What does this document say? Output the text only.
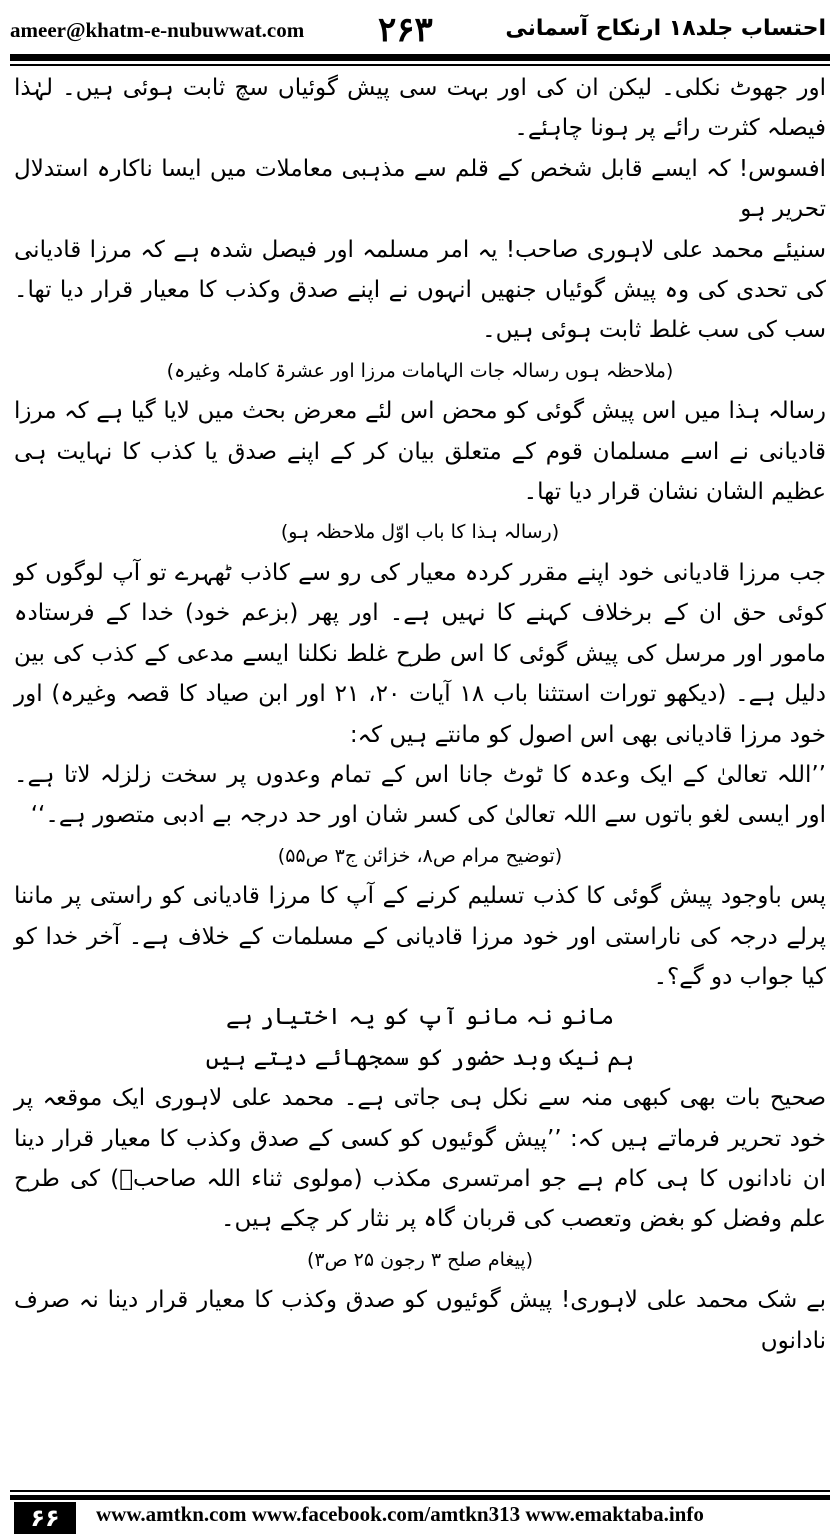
ameer@khatm-e-nubuwwat.com ۲۶۳	احتساب جلد۱۸ ارنکاح آسمانی

اور جھوٹ نکلی۔ لیکن ان کی اور بہت سی پیش گوئیاں سچ ثابت ہوئی ہیں۔ لہٰذا فیصلہ کثرت رائے پر ہونا چاہئے۔

افسوس! کہ ایسے قابل شخص کے قلم سے مذہبی معاملات میں ایسا ناکارہ استدلال تحریر ہو

سنیئے محمد علی لاہوری صاحب! یہ امر مسلمہ اور فیصل شدہ ہے کہ مرزا قادیانی کی تحدی کی وہ پیش گوئیاں جنھیں انہوں نے اپنے صدق وکذب کا معیار قرار دیا تھا۔ سب کی سب غلط ثابت ہوئی ہیں۔

(ملاحظہ ہوں رسالہ جات الہامات مرزا اور عشرۃ کاملہ وغیرہ)

رسالہ ہذا میں اس پیش گوئی کو محض اس لئے معرض بحث میں لایا گیا ہے کہ مرزا قادیانی نے اسے مسلمان قوم کے متعلق بیان کر کے اپنے صدق یا کذب کا نہایت ہی عظیم الشان نشان قرار دیا تھا۔

(رسالہ ہذا کا باب اوّل ملاحظہ ہو)

جب مرزا قادیانی خود اپنے مقرر کردہ معیار کی رو سے کاذب ٹھہرے تو آپ لوگوں کو کوئی حق ان کے برخلاف کہنے کا نہیں ہے۔ اور پھر (بزعم خود) خدا کے فرستادہ مامور اور مرسل کی پیش گوئی کا اس طرح غلط نکلنا ایسے مدعی کے کذب کی بین دلیل ہے۔ (دیکھو تورات استثنا باب ۱۸ آیات ۲۰، ۲۱ اور ابن صیاد کا قصہ وغیرہ) اور خود مرزا قادیانی بھی اس اصول کو مانتے ہیں کہ:

’’اللہ تعالیٰ کے ایک وعدہ کا ٹوٹ جانا اس کے تمام وعدوں پر سخت زلزلہ لاتا ہے۔ اور ایسی لغو باتوں سے اللہ تعالیٰ کی کسر شان اور حد درجہ بے ادبی متصور ہے۔‘‘

(توضیح مرام ص۸، خزائن ج۳ ص۵۵)

پس باوجود پیش گوئی کا کذب تسلیم کرنے کے آپ کا مرزا قادیانی کو راستی پر ماننا پرلے درجہ کی ناراستی اور خود مرزا قادیانی کے مسلمات کے خلاف ہے۔ آخر خدا کو کیا جواب دو گے؟۔

مانو نہ مانو آپ کو یہ اختیار ہے

ہم نیک وبد حضور کو سمجھائے دیتے ہیں

صحیح بات بھی کبھی منہ سے نکل ہی جاتی ہے۔ محمد علی لاہوری ایک موقعہ پر خود تحریر فرماتے ہیں کہ: ’’پیش گوئیوں کو کسی کے صدق وکذب کا معیار قرار دینا ان نادانوں کا ہی کام ہے جو امرتسری مکذب (مولوی ثناء اللہ صاحبؒ) کی طرح علم وفضل کو بغض وتعصب کی قربان گاہ پر نثار کر چکے ہیں۔

(پیغام صلح ۳ رجون ۲۵ ص۳)

بے شک محمد علی لاہوری! پیش گوئیوں کو صدق وکذب کا معیار قرار دینا نہ صرف نادانوں

۶۶	www.amtkn.com www.facebook.com/amtkn313 www.emaktaba.info
